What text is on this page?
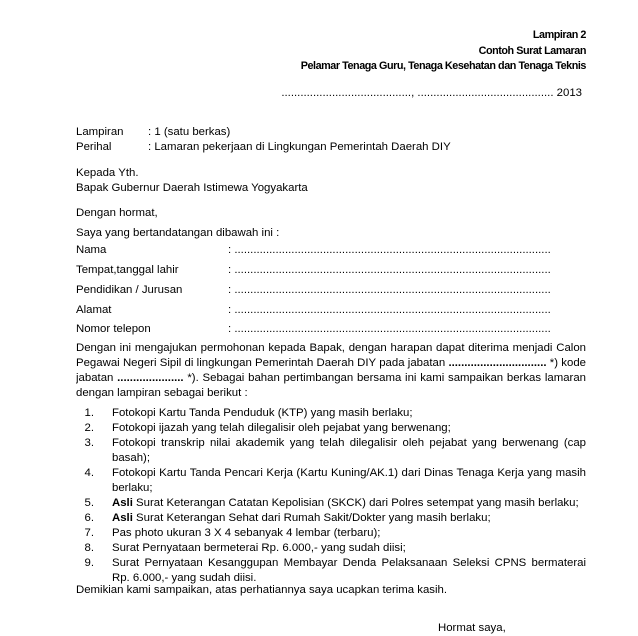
Lampiran 2
Contoh Surat Lamaran
Pelamar Tenaga Guru, Tenaga Kesehatan dan Tenaga Teknis
........................................., ........................................... 2013
Lampiran : 1 (satu berkas)
Perihal	: Lamaran pekerjaan di Lingkungan Pemerintah Daerah DIY
Kepada Yth.
Bapak Gubernur Daerah Istimewa Yogyakarta
Dengan hormat,
Saya yang bertandatangan dibawah ini :
Nama	: ....................................................................................................
Tempat,tanggal lahir	: ....................................................................................................
Pendidikan / Jurusan	: ....................................................................................................
Alamat	: ....................................................................................................
Nomor telepon	: ....................................................................................................
Dengan ini mengajukan permohonan kepada Bapak, dengan harapan dapat diterima menjadi Calon
Pegawai Negeri Sipil di lingkungan Pemerintah Daerah DIY pada jabatan ............................... *) kode
jabatan ..................... *). Sebagai bahan pertimbangan bersama ini kami sampaikan berkas lamaran
dengan lampiran sebagai berikut :
1.	Fotokopi Kartu Tanda Penduduk (KTP) yang masih berlaku;
2.	Fotokopi ijazah yang telah dilegalisir oleh pejabat yang berwenang;
3.	Fotokopi transkrip nilai akademik yang telah dilegalisir oleh pejabat yang berwenang (cap basah);
4.	Fotokopi Kartu Tanda Pencari Kerja (Kartu Kuning/AK.1) dari Dinas Tenaga Kerja yang masih berlaku;
5.	Asli Surat Keterangan Catatan Kepolisian (SKCK) dari Polres setempat yang masih berlaku;
6.	Asli Surat Keterangan Sehat dari Rumah Sakit/Dokter yang masih berlaku;
7.	Pas photo ukuran 3 X 4 sebanyak 4 lembar (terbaru);
8.	Surat Pernyataan bermeterai Rp. 6.000,- yang sudah diisi;
9.	Surat Pernyataan Kesanggupan Membayar Denda Pelaksanaan Seleksi CPNS bermaterai Rp. 6.000,- yang sudah diisi.
Demikian kami sampaikan, atas perhatiannya saya ucapkan terima kasih.
Hormat saya,
